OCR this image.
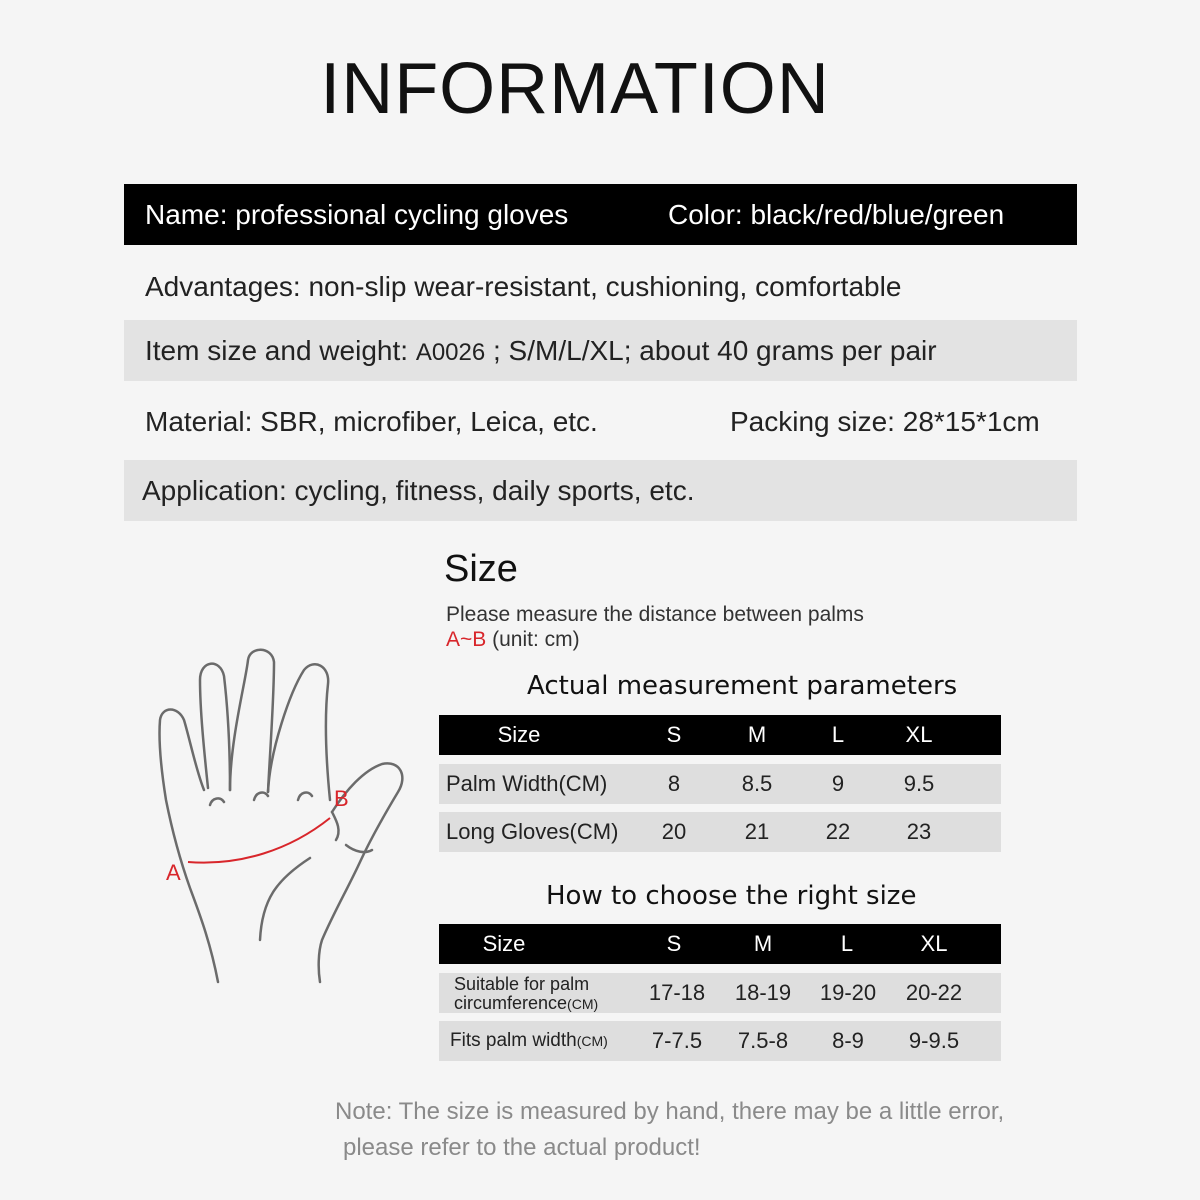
INFORMATION
Name: professional cycling gloves	Color: black/red/blue/green
Advantages: non-slip wear-resistant, cushioning, comfortable
Item size and weight: A0026 ; S/M/L/XL; about 40 grams per pair
Material: SBR, microfiber, Leica, etc.	Packing size: 28*15*1cm
Application: cycling, fitness, daily sports, etc.
Size
Please measure the distance between palms A~B (unit: cm)
A
B
Actual measurement parameters
Size	S	M	L	XL
Palm Width(CM)	8	8.5	9	9.5
Long Gloves(CM)	20	21	22	23
How to choose the right size
Size	S	M	L	XL
Suitable for palm
circumference(CM)	17-18	18-19	19-20	20-22
Fits palm width(CM)	7-7.5	7.5-8	8-9	9-9.5
Note: The size is measured by hand, there may be a little error,
please refer to the actual product!
